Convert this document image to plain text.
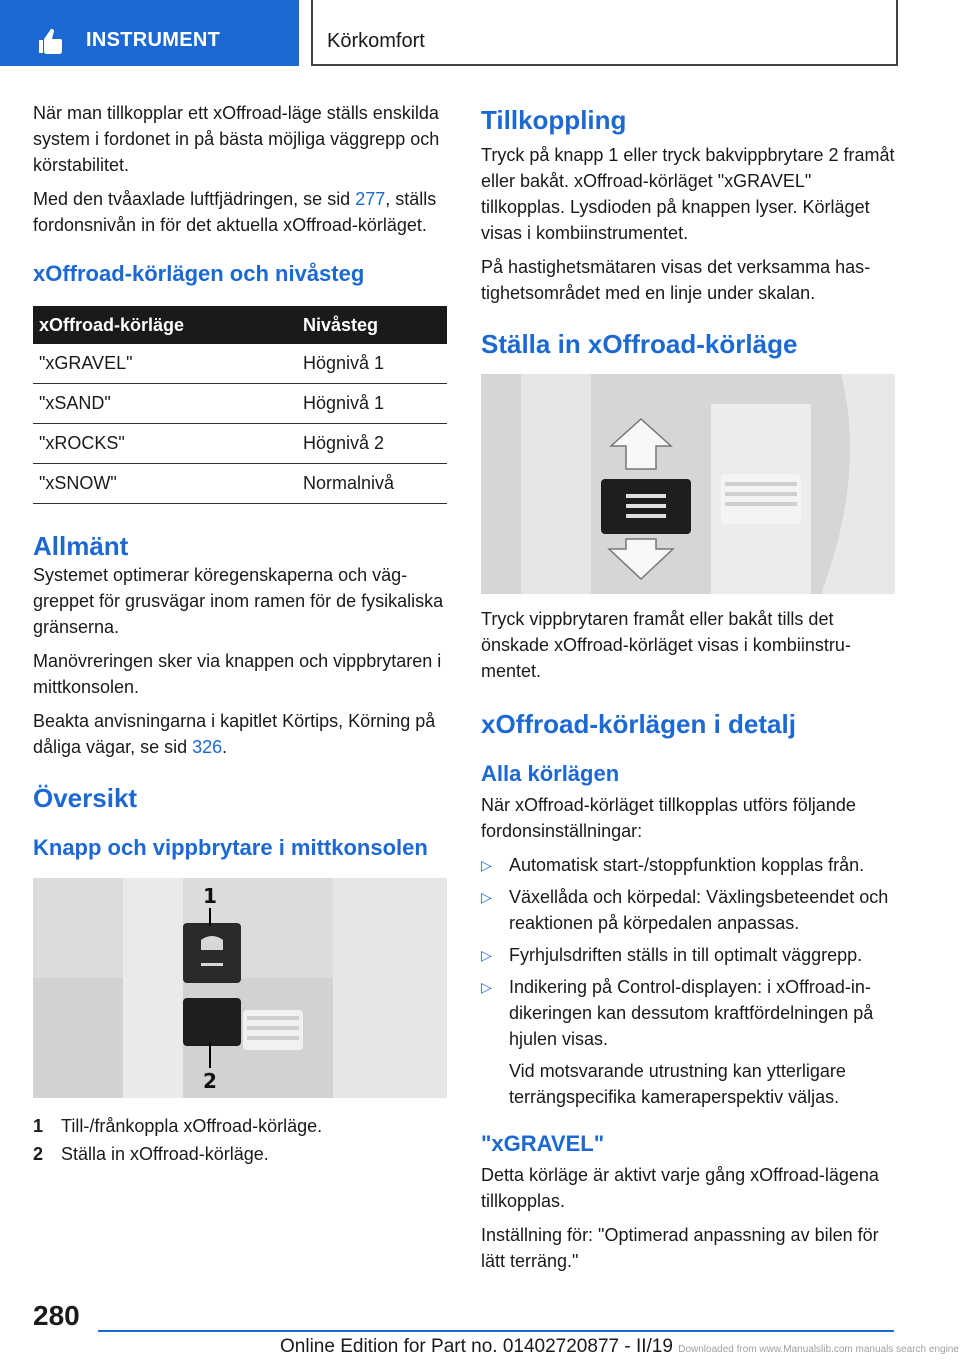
INSTRUMENT	Körkomfort

När man tillkopplar ett xOffroad-läge ställs enskilda system i fordonet in på bästa möjliga väggrepp och körstabilitet.

Med den tvåaxlade luftfjädringen, se sid 277, ställs fordonsnivån in för det aktuella xOffroad-körläget.

xOffroad-körlägen och nivåsteg
xOffroad-körläge	Nivåsteg
"xGRAVEL"	Högnivå 1
"xSAND"	Högnivå 1
"xROCKS"	Högnivå 2
"xSNOW"	Normalnivå
Allmänt

Systemet optimerar köregenskaperna och väggreppet för grusvägar inom ramen för de fysikaliska gränserna.

Manövreringen sker via knappen och vippbrytaren i mittkonsolen.

Beakta anvisningarna i kapitlet Körtips, Körning på dåliga vägar, se sid 326.

Översikt
Knapp och vippbrytare i mittkonsolen
1
2
1 Till-/frånkoppla xOffroad-körläge.
2 Ställa in xOffroad-körläge.
Tillkoppling

Tryck på knapp 1 eller tryck bakvippbrytare 2 framåt eller bakåt. xOffroad-körläget "xGRAVEL" tillkopplas. Lysdioden på knappen lyser. Körläget visas i kombiinstrumentet.

På hastighetsmätaren visas det verksamma hastighetsområdet med en linje under skalan.

Ställa in xOffroad-körläge

Tryck vippbrytaren framåt eller bakåt tills det önskade xOffroad-körläget visas i kombiinstrumentet.

xOffroad-körlägen i detalj
Alla körlägen

När xOffroad-körläget tillkopplas utförs följande fordonsinställningar:

▷ Automatisk start-/stoppfunktion kopplas från.
▷ Växellåda och körpedal: Växlingsbeteendet och reaktionen på körpedalen anpassas.
▷ Fyrhjulsdriften ställs in till optimalt väggrepp.
▷ Indikering på Control-displayen: i xOffroad-indikeringen kan dessutom kraftfördelningen på hjulen visas.

Vid motsvarande utrustning kan ytterligare terrängspecifika kameraperspektiv väljas.
"xGRAVEL"

Detta körläge är aktivt varje gång xOffroad-lägena tillkopplas.

Inställning för: "Optimerad anpassning av bilen för lätt terräng."

280
Online Edition for Part no. 01402720877 - II/19 Downloaded from www.Manualslib.com manuals search engine
